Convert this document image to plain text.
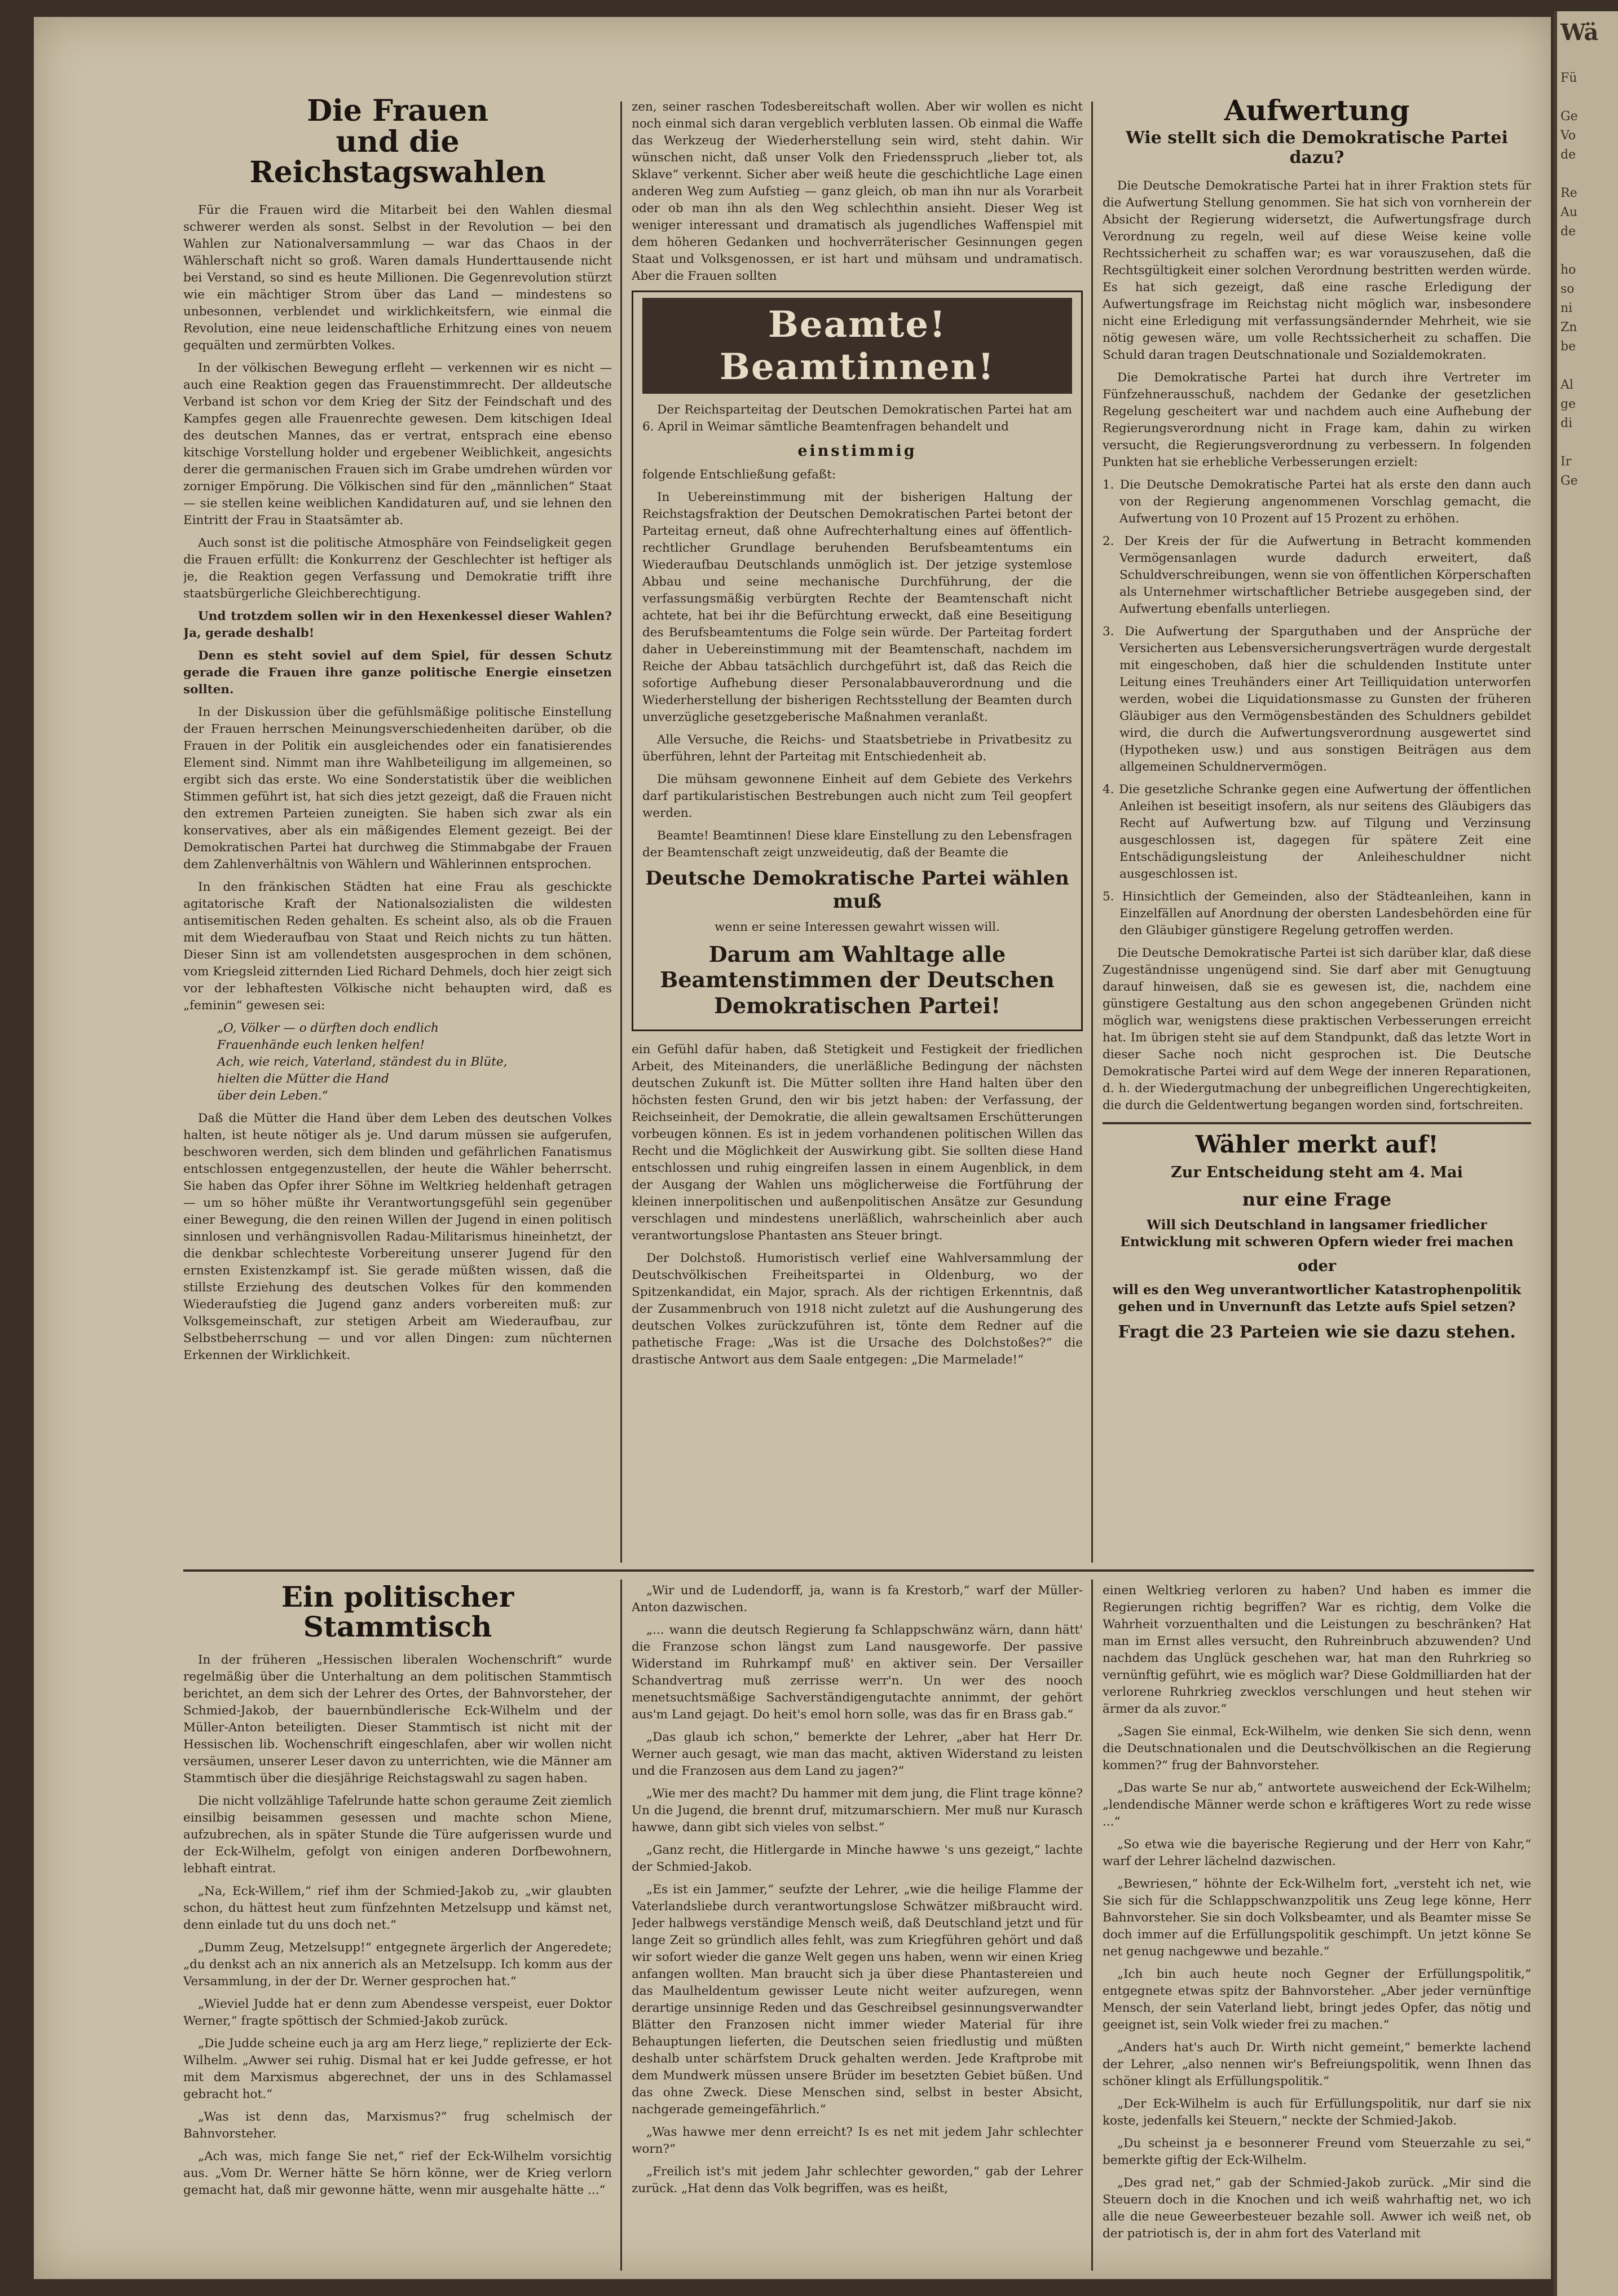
Wä

Fü

Ge
Vo
de

Re
Au
de

ho
so
ni
Zn
be

Al
ge
di

Ir
Ge
Die Frauen
und die Reichstagswahlen

Für die Frauen wird die Mitarbeit bei den Wahlen diesmal schwerer werden als sonst. Selbst in der Revolution — bei den Wahlen zur Nationalversammlung — war das Chaos in der Wählerschaft nicht so groß. Waren damals Hunderttausende nicht bei Verstand, so sind es heute Millionen. Die Gegenrevolution stürzt wie ein mächtiger Strom über das Land — mindestens so unbesonnen, verblendet und wirklichkeitsfern, wie einmal die Revolution, eine neue leidenschaftliche Erhitzung eines von neuem gequälten und zermürbten Volkes.

In der völkischen Bewegung erfleht — verkennen wir es nicht — auch eine Reaktion gegen das Frauenstimmrecht. Der alldeutsche Verband ist schon vor dem Krieg der Sitz der Feindschaft und des Kampfes gegen alle Frauenrechte gewesen. Dem kitschigen Ideal des deutschen Mannes, das er vertrat, entsprach eine ebenso kitschige Vorstellung holder und ergebener Weiblichkeit, angesichts derer die germanischen Frauen sich im Grabe umdrehen würden vor zorniger Empörung. Die Völkischen sind für den „männlichen“ Staat — sie stellen keine weiblichen Kandidaturen auf, und sie lehnen den Eintritt der Frau in Staatsämter ab.

Auch sonst ist die politische Atmosphäre von Feindseligkeit gegen die Frauen erfüllt: die Konkurrenz der Geschlechter ist heftiger als je, die Reaktion gegen Verfassung und Demokratie trifft ihre staatsbürgerliche Gleichberechtigung.

Und trotzdem sollen wir in den Hexenkessel dieser Wahlen? Ja, gerade deshalb!

Denn es steht soviel auf dem Spiel, für dessen Schutz gerade die Frauen ihre ganze politische Energie einsetzen sollten.

In der Diskussion über die gefühlsmäßige politische Einstellung der Frauen herrschen Meinungsverschiedenheiten darüber, ob die Frauen in der Politik ein ausgleichendes oder ein fanatisierendes Element sind. Nimmt man ihre Wahlbeteiligung im allgemeinen, so ergibt sich das erste. Wo eine Sonderstatistik über die weiblichen Stimmen geführt ist, hat sich dies jetzt gezeigt, daß die Frauen nicht den extremen Parteien zuneigten. Sie haben sich zwar als ein konservatives, aber als ein mäßigendes Element gezeigt. Bei der Demokratischen Partei hat durchweg die Stimmabgabe der Frauen dem Zahlenverhältnis von Wählern und Wählerinnen entsprochen.

In den fränkischen Städten hat eine Frau als geschickte agitatorische Kraft der Nationalsozialisten die wildesten antisemitischen Reden gehalten. Es scheint also, als ob die Frauen mit dem Wiederaufbau von Staat und Reich nichts zu tun hätten. Dieser Sinn ist am vollendetsten ausgesprochen in dem schönen, vom Kriegsleid zitternden Lied Richard Dehmels, doch hier zeigt sich vor der lebhaftesten Völkische nicht behaupten wird, daß es „feminin“ gewesen sei:

„O, Völker — o dürften doch endlich
Frauenhände euch lenken helfen!
Ach, wie reich, Vaterland, ständest du in Blüte,
hielten die Mütter die Hand
über dein Leben.“

Daß die Mütter die Hand über dem Leben des deutschen Volkes halten, ist heute nötiger als je. Und darum müssen sie aufgerufen, beschworen werden, sich dem blinden und gefährlichen Fanatismus entschlossen entgegenzustellen, der heute die Wähler beherrscht. Sie haben das Opfer ihrer Söhne im Weltkrieg heldenhaft getragen — um so höher müßte ihr Verantwortungsgefühl sein gegenüber einer Bewegung, die den reinen Willen der Jugend in einen politisch sinnlosen und verhängnisvollen Radau-Militarismus hineinhetzt, der die denkbar schlechteste Vorbereitung unserer Jugend für den ernsten Existenzkampf ist. Sie gerade müßten wissen, daß die stillste Erziehung des deutschen Volkes für den kommenden Wiederaufstieg die Jugend ganz anders vorbereiten muß: zur Volksgemeinschaft, zur stetigen Arbeit am Wiederaufbau, zur Selbstbeherrschung — und vor allen Dingen: zum nüchternen Erkennen der Wirklichkeit.

zen, seiner raschen Todesbereitschaft wollen. Aber wir wollen es nicht noch einmal sich daran vergeblich verbluten lassen. Ob einmal die Waffe das Werkzeug der Wiederherstellung sein wird, steht dahin. Wir wünschen nicht, daß unser Volk den Friedensspruch „lieber tot, als Sklave“ verkennt. Sicher aber weiß heute die geschichtliche Lage einen anderen Weg zum Aufstieg — ganz gleich, ob man ihn nur als Vorarbeit oder ob man ihn als den Weg schlechthin ansieht. Dieser Weg ist weniger interessant und dramatisch als jugendliches Waffenspiel mit dem höheren Gedanken und hochverräterischer Gesinnungen gegen Staat und Volksgenossen, er ist hart und mühsam und undramatisch. Aber die Frauen sollten

Beamte! Beamtinnen!

Der Reichsparteitag der Deutschen Demokratischen Partei hat am 6. April in Weimar sämtliche Beamtenfragen behandelt und

einstimmig

folgende Entschließung gefaßt:

In Uebereinstimmung mit der bisherigen Haltung der Reichstagsfraktion der Deutschen Demokratischen Partei betont der Parteitag erneut, daß ohne Aufrechterhaltung eines auf öffentlich-rechtlicher Grundlage beruhenden Berufsbeamtentums ein Wiederaufbau Deutschlands unmöglich ist. Der jetzige systemlose Abbau und seine mechanische Durchführung, der die verfassungsmäßig verbürgten Rechte der Beamtenschaft nicht achtete, hat bei ihr die Befürchtung erweckt, daß eine Beseitigung des Berufsbeamtentums die Folge sein würde. Der Parteitag fordert daher in Uebereinstimmung mit der Beamtenschaft, nachdem im Reiche der Abbau tatsächlich durchgeführt ist, daß das Reich die sofortige Aufhebung dieser Personalabbauverordnung und die Wiederherstellung der bisherigen Rechtsstellung der Beamten durch unverzügliche gesetzgeberische Maßnahmen veranlaßt.

Alle Versuche, die Reichs- und Staatsbetriebe in Privatbesitz zu überführen, lehnt der Parteitag mit Entschiedenheit ab.

Die mühsam gewonnene Einheit auf dem Gebiete des Verkehrs darf partikularistischen Bestrebungen auch nicht zum Teil geopfert werden.

Beamte! Beamtinnen! Diese klare Einstellung zu den Lebensfragen der Beamtenschaft zeigt unzweideutig, daß der Beamte die

Deutsche Demokratische Partei wählen muß

wenn er seine Interessen gewahrt wissen will.

Darum am Wahltage alle Beamtenstimmen der Deutschen Demokratischen Partei!

ein Gefühl dafür haben, daß Stetigkeit und Festigkeit der friedlichen Arbeit, des Miteinanders, die unerläßliche Bedingung der nächsten deutschen Zukunft ist. Die Mütter sollten ihre Hand halten über den höchsten festen Grund, den wir bis jetzt haben: der Verfassung, der Reichseinheit, der Demokratie, die allein gewaltsamen Erschütterungen vorbeugen können. Es ist in jedem vorhandenen politischen Willen das Recht und die Möglichkeit der Auswirkung gibt. Sie sollten diese Hand entschlossen und ruhig eingreifen lassen in einem Augenblick, in dem der Ausgang der Wahlen uns möglicherweise die Fortführung der kleinen innerpolitischen und außenpolitischen Ansätze zur Gesundung verschlagen und mindestens unerläßlich, wahrscheinlich aber auch verantwortungslose Phantasten ans Steuer bringt.

Der Dolchstoß. Humoristisch verlief eine Wahlversammlung der Deutschvölkischen Freiheitspartei in Oldenburg, wo der Spitzenkandidat, ein Major, sprach. Als der richtigen Erkenntnis, daß der Zusammenbruch von 1918 nicht zuletzt auf die Aushungerung des deutschen Volkes zurückzuführen ist, tönte dem Redner auf die pathetische Frage: „Was ist die Ursache des Dolchstoßes?“ die drastische Antwort aus dem Saale entgegen: „Die Marmelade!“

Aufwertung
Wie stellt sich die Demokratische Partei dazu?

Die Deutsche Demokratische Partei hat in ihrer Fraktion stets für die Aufwertung Stellung genommen. Sie hat sich von vornherein der Absicht der Regierung widersetzt, die Aufwertungsfrage durch Verordnung zu regeln, weil auf diese Weise keine volle Rechtssicherheit zu schaffen war; es war vorauszusehen, daß die Rechtsgültigkeit einer solchen Verordnung bestritten werden würde. Es hat sich gezeigt, daß eine rasche Erledigung der Aufwertungsfrage im Reichstag nicht möglich war, insbesondere nicht eine Erledigung mit verfassungsändernder Mehrheit, wie sie nötig gewesen wäre, um volle Rechtssicherheit zu schaffen. Die Schuld daran tragen Deutschnationale und Sozialdemokraten.

Die Demokratische Partei hat durch ihre Vertreter im Fünfzehnerausschuß, nachdem der Gedanke der gesetzlichen Regelung gescheitert war und nachdem auch eine Aufhebung der Regierungsverordnung nicht in Frage kam, dahin zu wirken versucht, die Regierungsverordnung zu verbessern. In folgenden Punkten hat sie erhebliche Verbesserungen erzielt:

1. Die Deutsche Demokratische Partei hat als erste den dann auch von der Regierung angenommenen Vorschlag gemacht, die Aufwertung von 10 Prozent auf 15 Prozent zu erhöhen.

2. Der Kreis der für die Aufwertung in Betracht kommenden Vermögensanlagen wurde dadurch erweitert, daß Schuldverschreibungen, wenn sie von öffentlichen Körperschaften als Unternehmer wirtschaftlicher Betriebe ausgegeben sind, der Aufwertung ebenfalls unterliegen.

3. Die Aufwertung der Sparguthaben und der Ansprüche der Versicherten aus Lebensversicherungsverträgen wurde dergestalt mit eingeschoben, daß hier die schuldenden Institute unter Leitung eines Treuhänders einer Art Teilliquidation unterworfen werden, wobei die Liquidationsmasse zu Gunsten der früheren Gläubiger aus den Vermögensbeständen des Schuldners gebildet wird, die durch die Aufwertungsverordnung ausgewertet sind (Hypotheken usw.) und aus sonstigen Beiträgen aus dem allgemeinen Schuldnervermögen.

4. Die gesetzliche Schranke gegen eine Aufwertung der öffentlichen Anleihen ist beseitigt insofern, als nur seitens des Gläubigers das Recht auf Aufwertung bzw. auf Tilgung und Verzinsung ausgeschlossen ist, dagegen für spätere Zeit eine Entschädigungsleistung der Anleiheschuldner nicht ausgeschlossen ist.

5. Hinsichtlich der Gemeinden, also der Städteanleihen, kann in Einzelfällen auf Anordnung der obersten Landesbehörden eine für den Gläubiger günstigere Regelung getroffen werden.

Die Deutsche Demokratische Partei ist sich darüber klar, daß diese Zugeständnisse ungenügend sind. Sie darf aber mit Genugtuung darauf hinweisen, daß sie es gewesen ist, die, nachdem eine günstigere Gestaltung aus den schon angegebenen Gründen nicht möglich war, wenigstens diese praktischen Verbesserungen erreicht hat. Im übrigen steht sie auf dem Standpunkt, daß das letzte Wort in dieser Sache noch nicht gesprochen ist. Die Deutsche Demokratische Partei wird auf dem Wege der inneren Reparationen, d. h. der Wiedergutmachung der unbegreiflichen Ungerechtigkeiten, die durch die Geldentwertung begangen worden sind, fortschreiten.

Wähler merkt auf!
Zur Entscheidung steht am 4. Mai
nur eine Frage
Will sich Deutschland in langsamer friedlicher Entwicklung mit schweren Opfern wieder frei machen
oder
will es den Weg unverantwortlicher Katastrophenpolitik gehen und in Unvernunft das Letzte aufs Spiel setzen?
Fragt die 23 Parteien wie sie dazu stehen.
Ein politischer Stammtisch

In der früheren „Hessischen liberalen Wochenschrift“ wurde regelmäßig über die Unterhaltung an dem politischen Stammtisch berichtet, an dem sich der Lehrer des Ortes, der Bahnvorsteher, der Schmied-Jakob, der bauernbündlerische Eck-Wilhelm und der Müller-Anton beteiligten. Dieser Stammtisch ist nicht mit der Hessischen lib. Wochenschrift eingeschlafen, aber wir wollen nicht versäumen, unserer Leser davon zu unterrichten, wie die Männer am Stammtisch über die diesjährige Reichstagswahl zu sagen haben.

Die nicht vollzählige Tafelrunde hatte schon geraume Zeit ziemlich einsilbig beisammen gesessen und machte schon Miene, aufzubrechen, als in später Stunde die Türe aufgerissen wurde und der Eck-Wilhelm, gefolgt von einigen anderen Dorfbewohnern, lebhaft eintrat.

„Na, Eck-Willem,“ rief ihm der Schmied-Jakob zu, „wir glaubten schon, du hättest heut zum fünfzehnten Metzelsupp und kämst net, denn einlade tut du uns doch net.“

„Dumm Zeug, Metzelsupp!“ entgegnete ärgerlich der Angeredete; „du denkst ach an nix annerich als an Metzelsupp. Ich komm aus der Versammlung, in der der Dr. Werner gesprochen hat.“

„Wieviel Judde hat er denn zum Abendesse verspeist, euer Doktor Werner,“ fragte spöttisch der Schmied-Jakob zurück.

„Die Judde scheine euch ja arg am Herz liege,“ replizierte der Eck-Wilhelm. „Awwer sei ruhig. Dismal hat er kei Judde gefresse, er hot mit dem Marxismus abgerechnet, der uns in des Schlamassel gebracht hot.“

„Was ist denn das, Marxismus?“ frug schelmisch der Bahnvorsteher.

„Ach was, mich fange Sie net,“ rief der Eck-Wilhelm vorsichtig aus. „Vom Dr. Werner hätte Se hörn könne, wer de Krieg verlorn gemacht hat, daß mir gewonne hätte, wenn mir ausgehalte hätte ...“

„Wir und de Ludendorff, ja, wann is fa Krestorb,“ warf der Müller-Anton dazwischen.

„... wann die deutsch Regierung fa Schlappschwänz wärn, dann hätt' die Franzose schon längst zum Land nausgeworfe. Der passive Widerstand im Ruhrkampf muß' en aktiver sein. Der Versailler Schandvertrag muß zerrisse werr'n. Un wer des nooch menetsuchtsmäßige Sachverständigengutachte annimmt, der gehört aus'm Land gejagt. Do heit's emol horn solle, was das fir en Brass gab.“

„Das glaub ich schon,“ bemerkte der Lehrer, „aber hat Herr Dr. Werner auch gesagt, wie man das macht, aktiven Widerstand zu leisten und die Franzosen aus dem Land zu jagen?“

„Wie mer des macht? Du hammer mit dem jung, die Flint trage könne? Un die Jugend, die brennt druf, mitzumarschiern. Mer muß nur Kurasch hawwe, dann gibt sich vieles von selbst.“

„Ganz recht, die Hitlergarde in Minche hawwe 's uns gezeigt,“ lachte der Schmied-Jakob.

„Es ist ein Jammer,“ seufzte der Lehrer, „wie die heilige Flamme der Vaterlandsliebe durch verantwortungslose Schwätzer mißbraucht wird. Jeder halbwegs verständige Mensch weiß, daß Deutschland jetzt und für lange Zeit so gründlich alles fehlt, was zum Kriegführen gehört und daß wir sofort wieder die ganze Welt gegen uns haben, wenn wir einen Krieg anfangen wollten. Man braucht sich ja über diese Phantastereien und das Maulheldentum gewisser Leute nicht weiter aufzuregen, wenn derartige unsinnige Reden und das Geschreibsel gesinnungsverwandter Blätter den Franzosen nicht immer wieder Material für ihre Behauptungen lieferten, die Deutschen seien friedlustig und müßten deshalb unter schärfstem Druck gehalten werden. Jede Kraftprobe mit dem Mundwerk müssen unsere Brüder im besetzten Gebiet büßen. Und das ohne Zweck. Diese Menschen sind, selbst in bester Absicht, nachgerade gemeingefährlich.“

„Was hawwe mer denn erreicht? Is es net mit jedem Jahr schlechter worn?“

„Freilich ist's mit jedem Jahr schlechter geworden,“ gab der Lehrer zurück. „Hat denn das Volk begriffen, was es heißt,

einen Weltkrieg verloren zu haben? Und haben es immer die Regierungen richtig begriffen? War es richtig, dem Volke die Wahrheit vorzuenthalten und die Leistungen zu beschränken? Hat man im Ernst alles versucht, den Ruhreinbruch abzuwenden? Und nachdem das Unglück geschehen war, hat man den Ruhrkrieg so vernünftig geführt, wie es möglich war? Diese Goldmilliarden hat der verlorene Ruhrkrieg zwecklos verschlungen und heut stehen wir ärmer da als zuvor.“

„Sagen Sie einmal, Eck-Wilhelm, wie denken Sie sich denn, wenn die Deutschnationalen und die Deutschvölkischen an die Regierung kommen?“ frug der Bahnvorsteher.

„Das warte Se nur ab,“ antwortete ausweichend der Eck-Wilhelm; „lendendische Männer werde schon e kräftigeres Wort zu rede wisse ...“

„So etwa wie die bayerische Regierung und der Herr von Kahr,“ warf der Lehrer lächelnd dazwischen.

„Bewriesen,“ höhnte der Eck-Wilhelm fort, „versteht ich net, wie Sie sich für die Schlappschwanzpolitik uns Zeug lege könne, Herr Bahnvorsteher. Sie sin doch Volksbeamter, und als Beamter misse Se doch immer auf die Erfüllungspolitik geschimpft. Un jetzt könne Se net genug nachgewwe und bezahle.“

„Ich bin auch heute noch Gegner der Erfüllungspolitik,“ entgegnete etwas spitz der Bahnvorsteher. „Aber jeder vernünftige Mensch, der sein Vaterland liebt, bringt jedes Opfer, das nötig und geeignet ist, sein Volk wieder frei zu machen.“

„Anders hat's auch Dr. Wirth nicht gemeint,“ bemerkte lachend der Lehrer, „also nennen wir's Befreiungspolitik, wenn Ihnen das schöner klingt als Erfüllungspolitik.“

„Der Eck-Wilhelm is auch für Erfüllungspolitik, nur darf sie nix koste, jedenfalls kei Steuern,“ neckte der Schmied-Jakob.

„Du scheinst ja e besonnerer Freund vom Steuerzahle zu sei,“ bemerkte giftig der Eck-Wilhelm.

„Des grad net,“ gab der Schmied-Jakob zurück. „Mir sind die Steuern doch in die Knochen und ich weiß wahrhaftig net, wo ich alle die neue Geweerbesteuer bezahle soll. Awwer ich weiß net, ob der patriotisch is, der in ahm fort des Vaterland mit
